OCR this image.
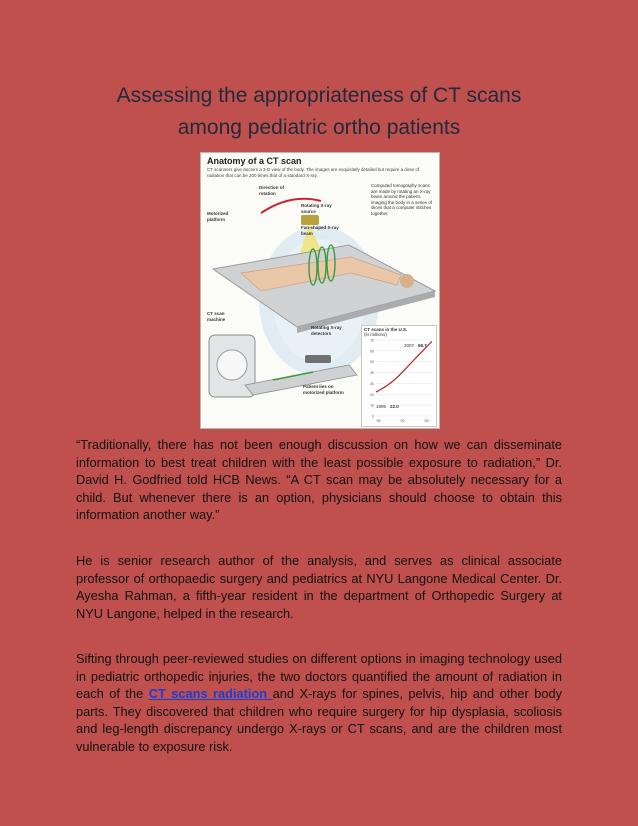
Assessing the appropriateness of CT scans
among pediatric ortho patients
Anatomy of a CT scan
CT scanners give doctors a 3-D view of the body. The images are exquisitely detailed but require a dose of radiation that can be 200 times that of a standard X-ray.
Direction of rotation
Rotating X-ray source
Fan-shaped X-ray beam
Motorized platform
Computed tomography scans are made by rotating an X-ray beam around the patient, imaging the body in a series of slices that a computer stitches together.
CT scan machine
Rotating X-ray detectors
Patient lies on motorized platform
CT scans in the U.S.
(in millions)
70
60
50
40
30
20
10
0
'95	'00	'05
2007 68.7
1995 22.0
“Traditionally, there has not been enough discussion on how we can disseminate information to best treat children with the least possible exposure to radiation,” Dr. David H. Godfried told HCB News. “A CT scan may be absolutely necessary for a child. But whenever there is an option, physicians should choose to obtain this information another way.”
He is senior research author of the analysis, and serves as clinical associate professor of orthopaedic surgery and pediatrics at NYU Langone Medical Center. Dr. Ayesha Rahman, a fifth-year resident in the department of Orthopedic Surgery at NYU Langone, helped in the research.
Sifting through peer-reviewed studies on different options in imaging technology used in pediatric orthopedic injuries, the two doctors quantified the amount of radiation in each of the CT scans radiation and X-rays for spines, pelvis, hip and other body parts. They discovered that children who require surgery for hip dysplasia, scoliosis and leg-length discrepancy undergo X-rays or CT scans, and are the children most vulnerable to exposure risk.
